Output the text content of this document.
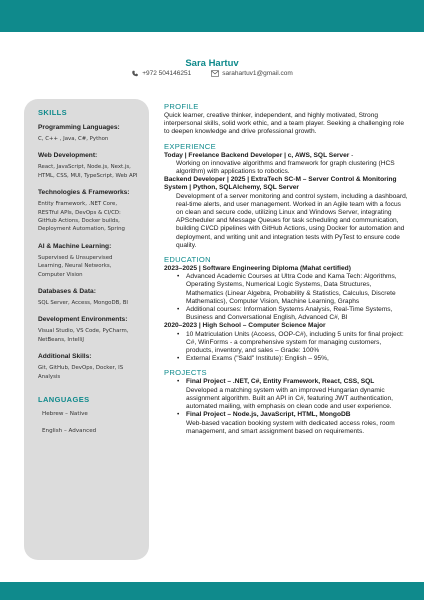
Sara Hartuv
+972 504146251	sarahartuv1@gmail.com
SKILLS
Programming Languages:
C, C++ , Java, C#, Python
Web Development:
React, JavaScript, Node.js, Next.js, HTML, CSS, MUI, TypeScript, Web API
Technologies & Frameworks:
Entity Framework, .NET Core, RESTful APIs, DevOps & CI/CD: GitHub Actions, Docker builds, Deployment Automation, Spring
AI & Machine Learning:
Supervised & Unsupervised Learning, Neural Networks, Computer Vision
Databases & Data:
SQL Server, Access, MongoDB, BI
Development Environments:
Visual Studio, VS Code, PyCharm, NetBeans, IntelliJ
Additional Skills:
Git, GitHub, DevOps, Docker, IS Analysis
LANGUAGES
Hebrew – Native
English – Advanced
PROFILE
Quick learner, creative thinker, independent, and highly motivated, Strong interpersonal skills, solid work ethic, and a team player. Seeking a challenging role to deepen knowledge and drive professional growth.
EXPERIENCE
Today | Freelance Backend Developer | c, AWS, SQL Server -
Working on innovative algorithms and framework for graph clustering (HCS algorithm) with applications to robotics.
Backend Developer | 2025 | ExtraTech SC-M – Server Control & Monitoring System | Python, SQLAlchemy, SQL Server
Development of a server monitoring and control system, including a dashboard, real-time alerts, and user management. Worked in an Agile team with a focus on clean and secure code, utilizing Linux and Windows Server, integrating APScheduler and Message Queues for task scheduling and communication, building CI/CD pipelines with GitHub Actions, using Docker for automation and deployment, and writing unit and integration tests with PyTest to ensure code quality.
EDUCATION
2023–2025 | Software Engineering Diploma (Mahat certified)
• Advanced Academic Courses at Ultra Code and Kama Tech: Algorithms, Operating Systems, Numerical Logic Systems, Data Structures, Mathematics (Linear Algebra, Probability & Statistics, Calculus, Discrete Mathematics), Computer Vision, Machine Learning, Graphs
• Additional courses: Information Systems Analysis, Real-Time Systems, Business and Conversational English, Advanced C#, BI
2020–2023 | High School – Computer Science Major
• 10 Matriculation Units (Access, OOP-C#), including 5 units for final project: C#, WinForms - a comprehensive system for managing customers, products, inventory, and sales – Grade: 100%
• External Exams ("Sald" Institute): English – 95%,
PROJECTS
• Final Project – .NET, C#, Entity Framework, React, CSS, SQL
Developed a matching system with an improved Hungarian dynamic assignment algorithm. Built an API in C#, featuring JWT authentication, automated mailing, with emphasis on clean code and user experience.
• Final Project – Node.js, JavaScript, HTML, MongoDB
Web-based vacation booking system with dedicated access roles, room management, and smart assignment based on requirements.
